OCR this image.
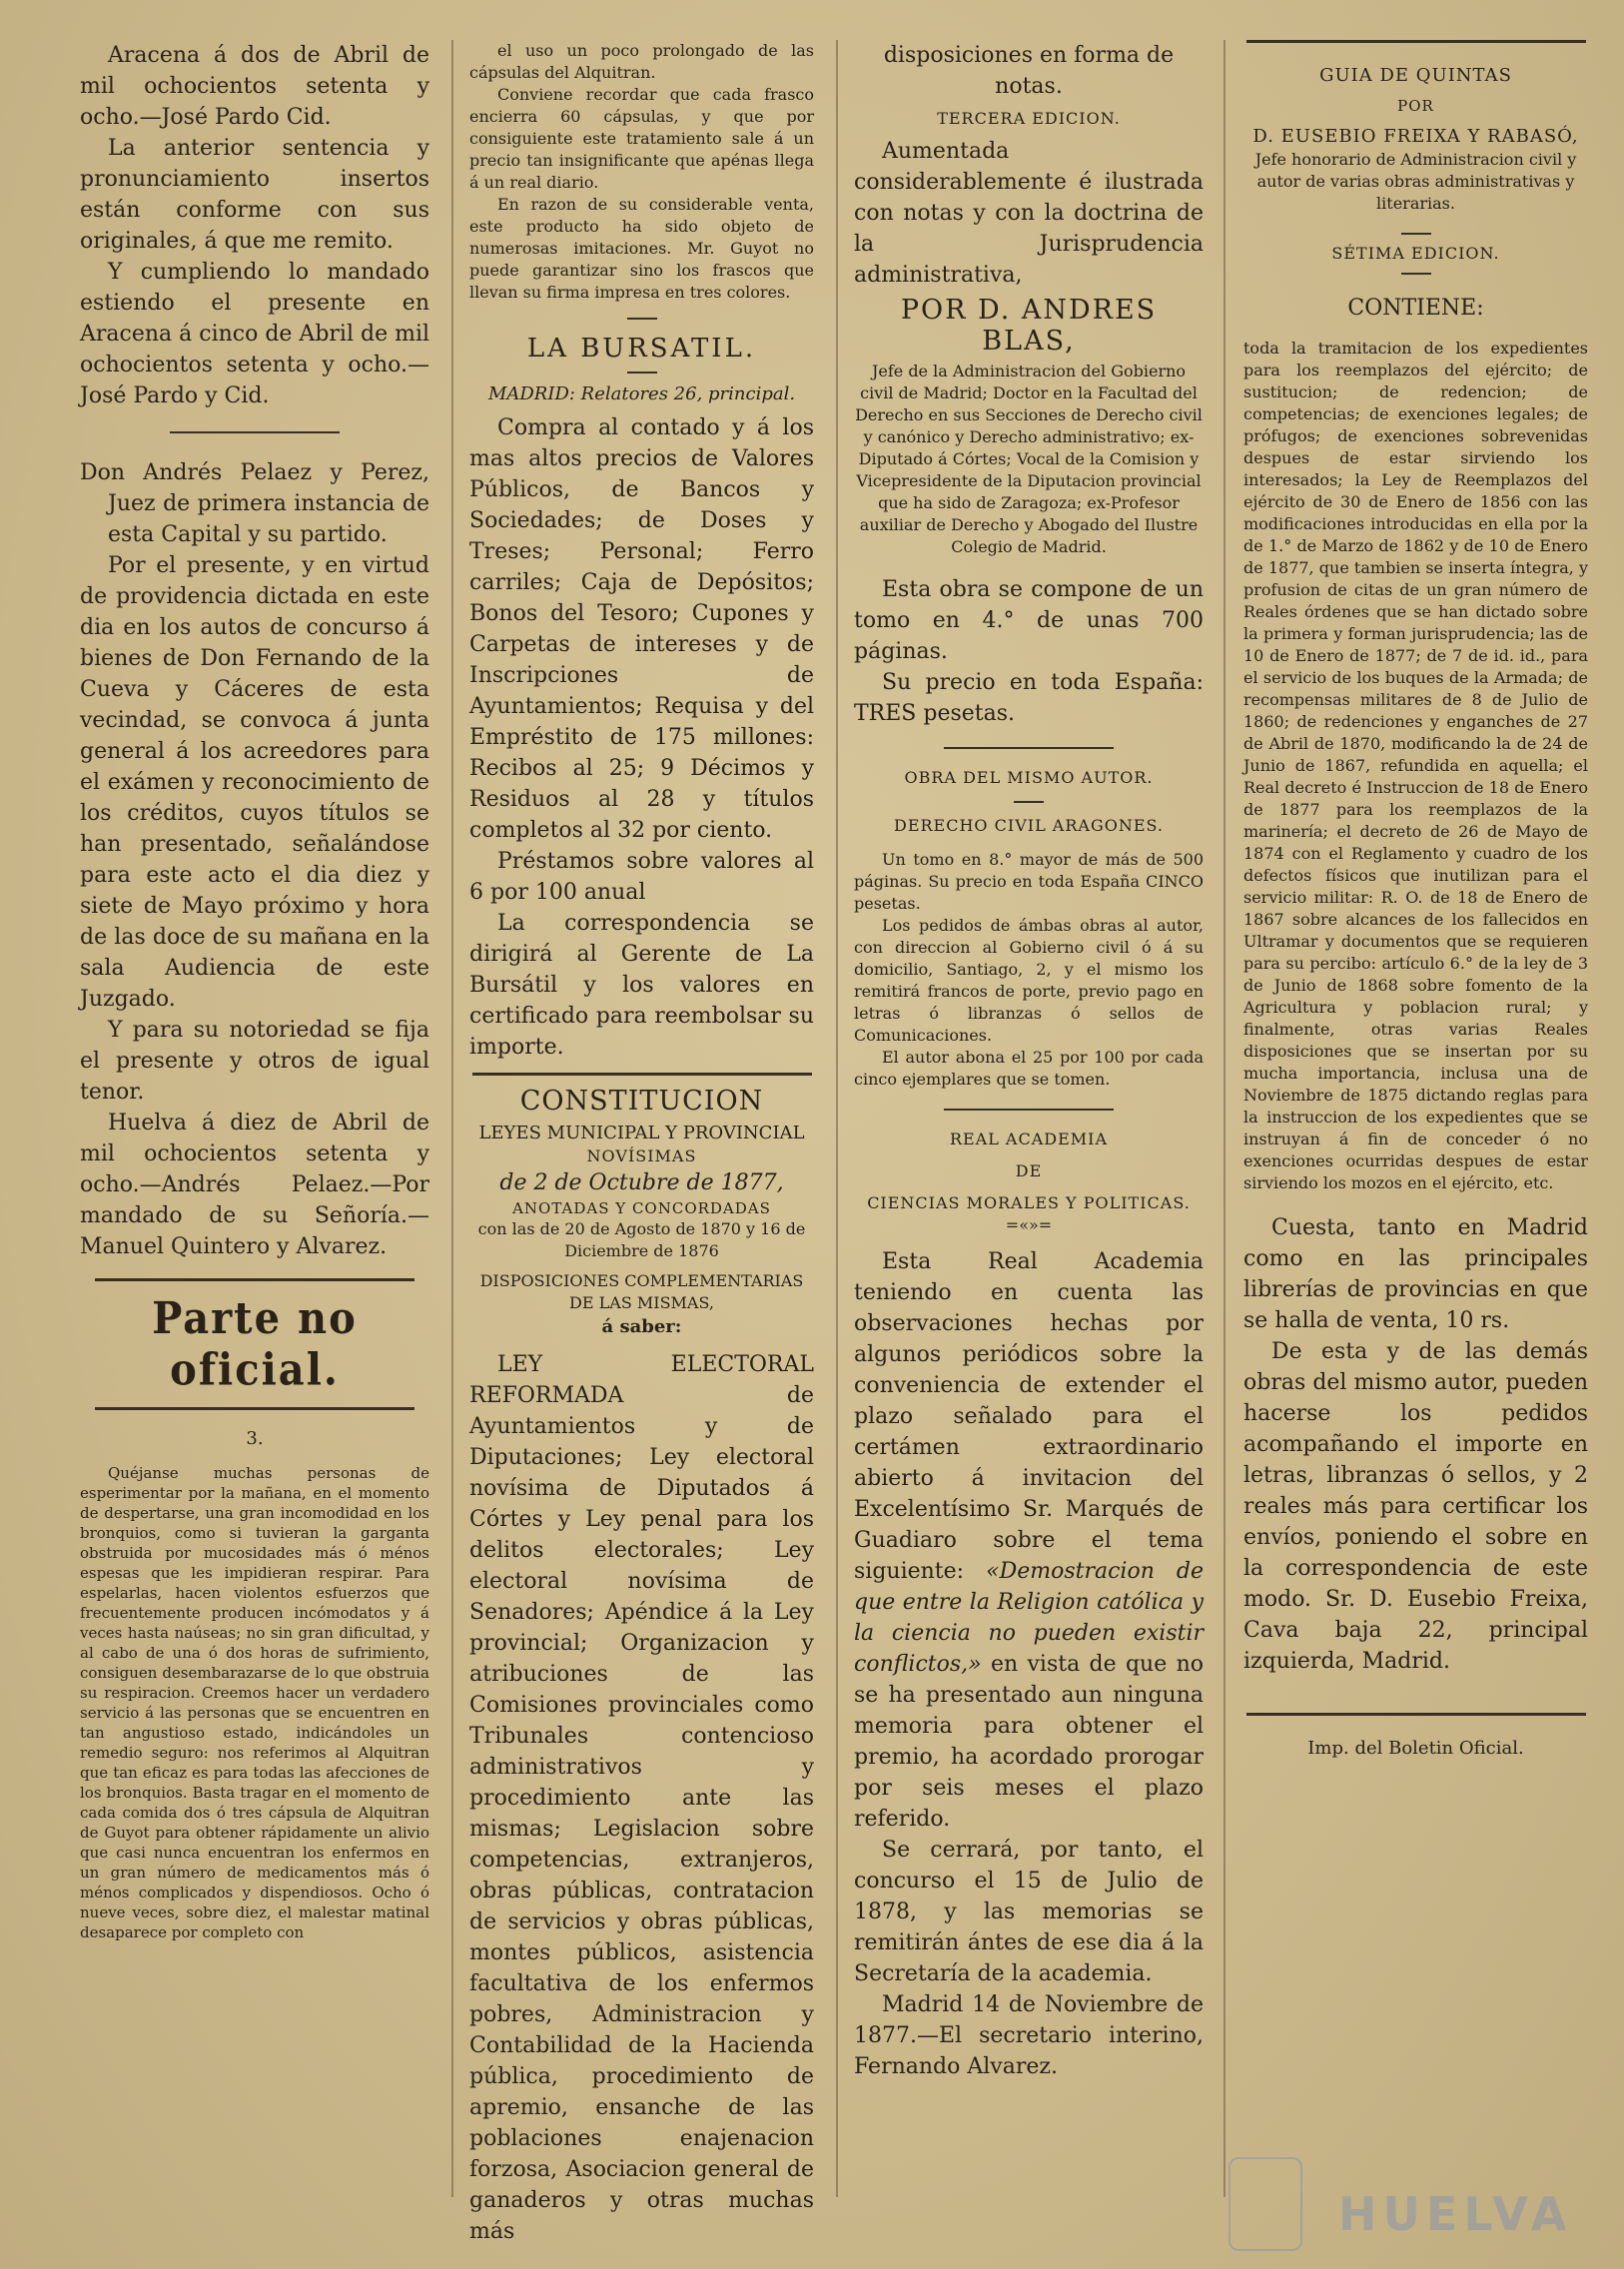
Aracena á dos de Abril de mil ochocientos setenta y ocho.—José Pardo Cid.

La anterior sentencia y pronunciamiento insertos están conforme con sus originales, á que me remito.

Y cumpliendo lo mandado estiendo el presente en Aracena á cinco de Abril de mil ochocientos setenta y ocho.—José Pardo y Cid.

Don Andrés Pelaez y Perez, Juez de primera instancia de esta Capital y su partido.

Por el presente, y en virtud de providencia dictada en este dia en los autos de concurso á bienes de Don Fernando de la Cueva y Cáceres de esta vecindad, se convoca á junta general á los acreedores para el exámen y reconocimiento de los créditos, cuyos títulos se han presentado, señalándose para este acto el dia diez y siete de Mayo próximo y hora de las doce de su mañana en la sala Audiencia de este Juzgado.

Y para su notoriedad se fija el presente y otros de igual tenor.

Huelva á diez de Abril de mil ochocientos setenta y ocho.—Andrés Pelaez.—Por mandado de su Señoría.—Manuel Quintero y Alvarez.

Parte no oficial.

3.

Quéjanse muchas personas de esperimentar por la mañana, en el momento de despertarse, una gran incomodidad en los bronquios, como si tuvieran la garganta obstruida por mucosidades más ó ménos espesas que les impidieran respirar. Para espelarlas, hacen violentos esfuerzos que frecuentemente producen incómodatos y á veces hasta naúseas; no sin gran dificultad, y al cabo de una ó dos horas de sufrimiento, consiguen desembarazarse de lo que obstruia su respiracion. Creemos hacer un verdadero servicio á las personas que se encuentren en tan angustioso estado, indicándoles un remedio seguro: nos referimos al Alquitran que tan eficaz es para todas las afecciones de los bronquios. Basta tragar en el momento de cada comida dos ó tres cápsula de Alquitran de Guyot para obtener rápidamente un alivio que casi nunca encuentran los enfermos en un gran número de medicamentos más ó ménos complicados y dispendiosos. Ocho ó nueve veces, sobre diez, el malestar matinal desaparece por completo con

el uso un poco prolongado de las cápsulas del Alquitran.

Conviene recordar que cada frasco encierra 60 cápsulas, y que por consiguiente este tratamiento sale á un precio tan insignificante que apénas llega á un real diario.

En razon de su considerable venta, este producto ha sido objeto de numerosas imitaciones. Mr. Guyot no puede garantizar sino los frascos que llevan su firma impresa en tres colores.

LA BURSATIL.

MADRID: Relatores 26, principal.

Compra al contado y á los mas altos precios de Valores Públicos, de Bancos y Sociedades; de Doses y Treses; Personal; Ferro carriles; Caja de Depósitos; Bonos del Tesoro; Cupones y Carpetas de intereses y de Inscripciones de Ayuntamientos; Requisa y del Empréstito de 175 millones: Recibos al 25; 9 Décimos y Residuos al 28 y títulos completos al 32 por ciento.

Préstamos sobre valores al 6 por 100 anual

La correspondencia se dirigirá al Gerente de La Bursátil y los valores en certificado para reembolsar su importe.

CONSTITUCION

LEYES MUNICIPAL Y PROVINCIAL

NOVÍSIMAS

de 2 de Octubre de 1877,

ANOTADAS Y CONCORDADAS

con las de 20 de Agosto de 1870 y 16 de Diciembre de 1876

DISPOSICIONES COMPLEMENTARIAS DE LAS MISMAS,

á saber:

LEY ELECTORAL REFORMADA de Ayuntamientos y de Diputaciones; Ley electoral novísima de Diputados á Córtes y Ley penal para los delitos electorales; Ley electoral novísima de Senadores; Apéndice á la Ley provincial; Organizacion y atribuciones de las Comisiones provinciales como Tribunales contencioso administrativos y procedimiento ante las mismas; Legislacion sobre competencias, extranjeros, obras públicas, contratacion de servicios y obras públicas, montes públicos, asistencia facultativa de los enfermos pobres, Administracion y Contabilidad de la Hacienda pública, procedimiento de apremio, ensanche de las poblaciones enajenacion forzosa, Asociacion general de ganaderos y otras muchas más

disposiciones en forma de notas.

TERCERA EDICION.

Aumentada considerablemente é ilustrada con notas y con la doctrina de la Jurisprudencia administrativa,

POR D. ANDRES BLAS,

Jefe de la Administracion del Gobierno civil de Madrid; Doctor en la Facultad del Derecho en sus Secciones de Derecho civil y canónico y Derecho administrativo; ex-Diputado á Córtes; Vocal de la Comision y Vicepresidente de la Diputacion provincial que ha sido de Zaragoza; ex-Profesor auxiliar de Derecho y Abogado del Ilustre Colegio de Madrid.

Esta obra se compone de un tomo en 4.° de unas 700 páginas.

Su precio en toda España: TRES pesetas.

OBRA DEL MISMO AUTOR.

DERECHO CIVIL ARAGONES.

Un tomo en 8.° mayor de más de 500 páginas. Su precio en toda España CINCO pesetas.

Los pedidos de ámbas obras al autor, con direccion al Gobierno civil ó á su domicilio, Santiago, 2, y el mismo los remitirá francos de porte, previo pago en letras ó libranzas ó sellos de Comunicaciones.

El autor abona el 25 por 100 por cada cinco ejemplares que se tomen.

REAL ACADEMIA

DE

CIENCIAS MORALES Y POLITICAS.

=«»=

Esta Real Academia teniendo en cuenta las observaciones hechas por algunos periódicos sobre la conveniencia de extender el plazo señalado para el certámen extraordinario abierto á invitacion del Excelentísimo Sr. Marqués de Guadiaro sobre el tema siguiente: «Demostracion de que entre la Religion católica y la ciencia no pueden existir conflictos,» en vista de que no se ha presentado aun ninguna memoria para obtener el premio, ha acordado prorogar por seis meses el plazo referido.

Se cerrará, por tanto, el concurso el 15 de Julio de 1878, y las memorias se remitirán ántes de ese dia á la Secretaría de la academia.

Madrid 14 de Noviembre de 1877.—El secretario interino, Fernando Alvarez.

GUIA DE QUINTAS

POR

D. EUSEBIO FREIXA Y RABASÓ,

Jefe honorario de Administracion civil y autor de varias obras administrativas y literarias.

SÉTIMA EDICION.

CONTIENE:

toda la tramitacion de los expedientes para los reemplazos del ejército; de sustitucion; de redencion; de competencias; de exenciones legales; de prófugos; de exenciones sobrevenidas despues de estar sirviendo los interesados; la Ley de Reemplazos del ejército de 30 de Enero de 1856 con las modificaciones introducidas en ella por la de 1.° de Marzo de 1862 y de 10 de Enero de 1877, que tambien se inserta íntegra, y profusion de citas de un gran número de Reales órdenes que se han dictado sobre la primera y forman jurisprudencia; las de 10 de Enero de 1877; de 7 de id. id., para el servicio de los buques de la Armada; de recompensas militares de 8 de Julio de 1860; de redenciones y enganches de 27 de Abril de 1870, modificando la de 24 de Junio de 1867, refundida en aquella; el Real decreto é Instruccion de 18 de Enero de 1877 para los reemplazos de la marinería; el decreto de 26 de Mayo de 1874 con el Reglamento y cuadro de los defectos físicos que inutilizan para el servicio militar: R. O. de 18 de Enero de 1867 sobre alcances de los fallecidos en Ultramar y documentos que se requieren para su percibo: artículo 6.° de la ley de 3 de Junio de 1868 sobre fomento de la Agricultura y poblacion rural; y finalmente, otras varias Reales disposiciones que se insertan por su mucha importancia, inclusa una de Noviembre de 1875 dictando reglas para la instruccion de los expedientes que se instruyan á fin de conceder ó no exenciones ocurridas despues de estar sirviendo los mozos en el ejército, etc.

Cuesta, tanto en Madrid como en las principales librerías de provincias en que se halla de venta, 10 rs.

De esta y de las demás obras del mismo autor, pueden hacerse los pedidos acompañando el importe en letras, libranzas ó sellos, y 2 reales más para certificar los envíos, poniendo el sobre en la correspondencia de este modo. Sr. D. Eusebio Freixa, Cava baja 22, principal izquierda, Madrid.

Imp. del Boletin Oficial.

HUELVA
